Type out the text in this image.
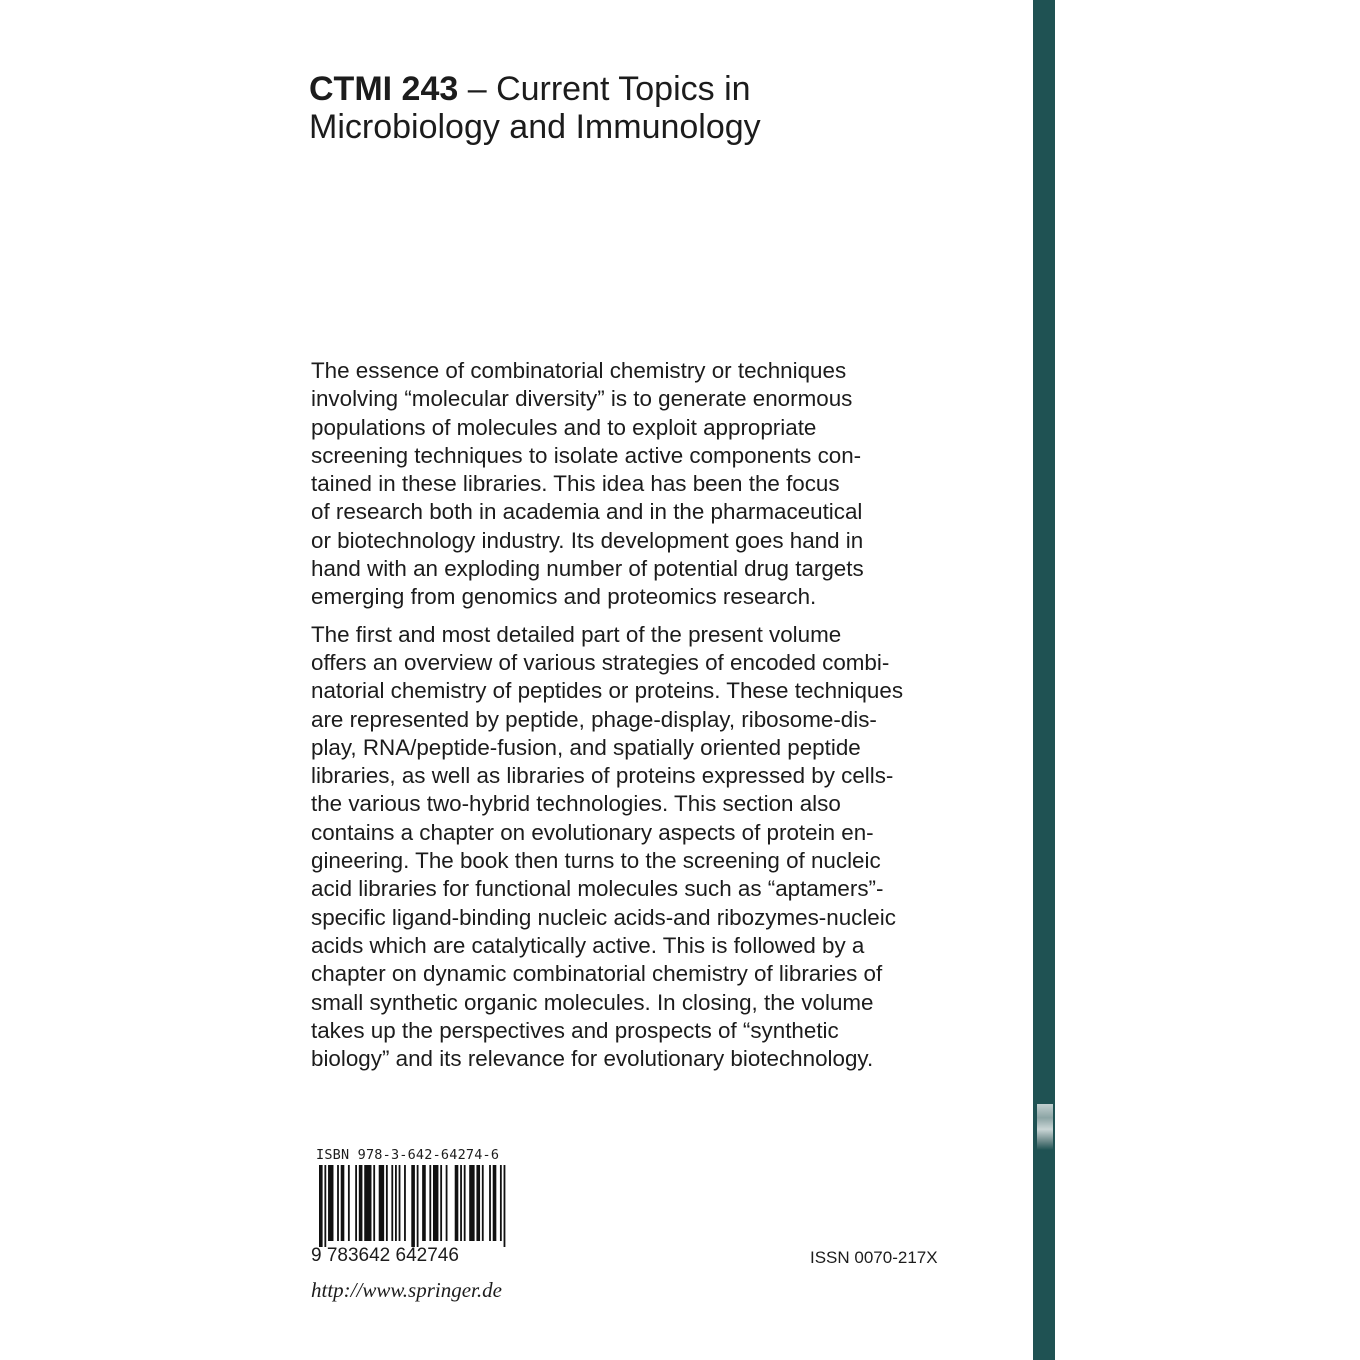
CTMI 243 – Current Topics in
Microbiology and Immunology

The essence of combinatorial chemistry or techniques
involving “molecular diversity” is to generate enormous
populations of molecules and to exploit appropriate
screening techniques to isolate active components con-
tained in these libraries. This idea has been the focus
of research both in academia and in the pharmaceutical
or biotechnology industry. Its development goes hand in
hand with an exploding number of potential drug targets
emerging from genomics and proteomics research.

The first and most detailed part of the present volume
offers an overview of various strategies of encoded combi-
natorial chemistry of peptides or proteins. These techniques
are represented by peptide, phage-display, ribosome-dis-
play, RNA/peptide-fusion, and spatially oriented peptide
libraries, as well as libraries of proteins expressed by cells-
the various two-hybrid technologies. This section also
contains a chapter on evolutionary aspects of protein en-
gineering. The book then turns to the screening of nucleic
acid libraries for functional molecules such as “aptamers”-
specific ligand-binding nucleic acids-and ribozymes-nucleic
acids which are catalytically active. This is followed by a
chapter on dynamic combinatorial chemistry of libraries of
small synthetic organic molecules. In closing, the volume
takes up the perspectives and prospects of “synthetic
biology” and its relevance for evolutionary biotechnology.

ISBN 978-3-642-64274-6
9 783642 642746
http://www.springer.de
ISSN 0070-217X
